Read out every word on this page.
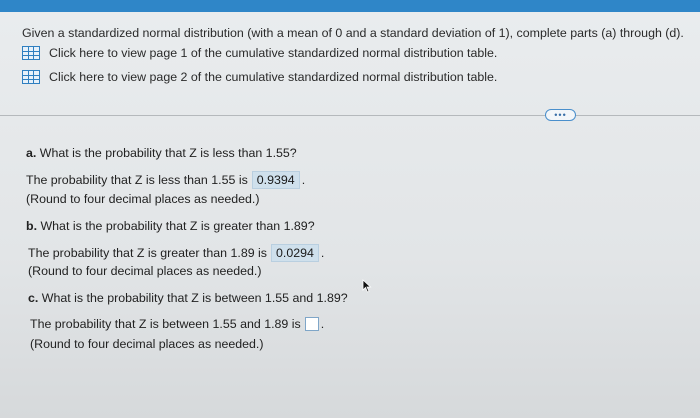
Given a standardized normal distribution (with a mean of 0 and a standard deviation of 1), complete parts (a) through (d).
Click here to view page 1 of the cumulative standardized normal distribution table.
Click here to view page 2 of the cumulative standardized normal distribution table.
•••
a. What is the probability that Z is less than 1.55?
The probability that Z is less than 1.55 is 0.9394 .
(Round to four decimal places as needed.)
b. What is the probability that Z is greater than 1.89?
The probability that Z is greater than 1.89 is 0.0294 .
(Round to four decimal places as needed.)
c. What is the probability that Z is between 1.55 and 1.89?
The probability that Z is between 1.55 and 1.89 is .
(Round to four decimal places as needed.)
